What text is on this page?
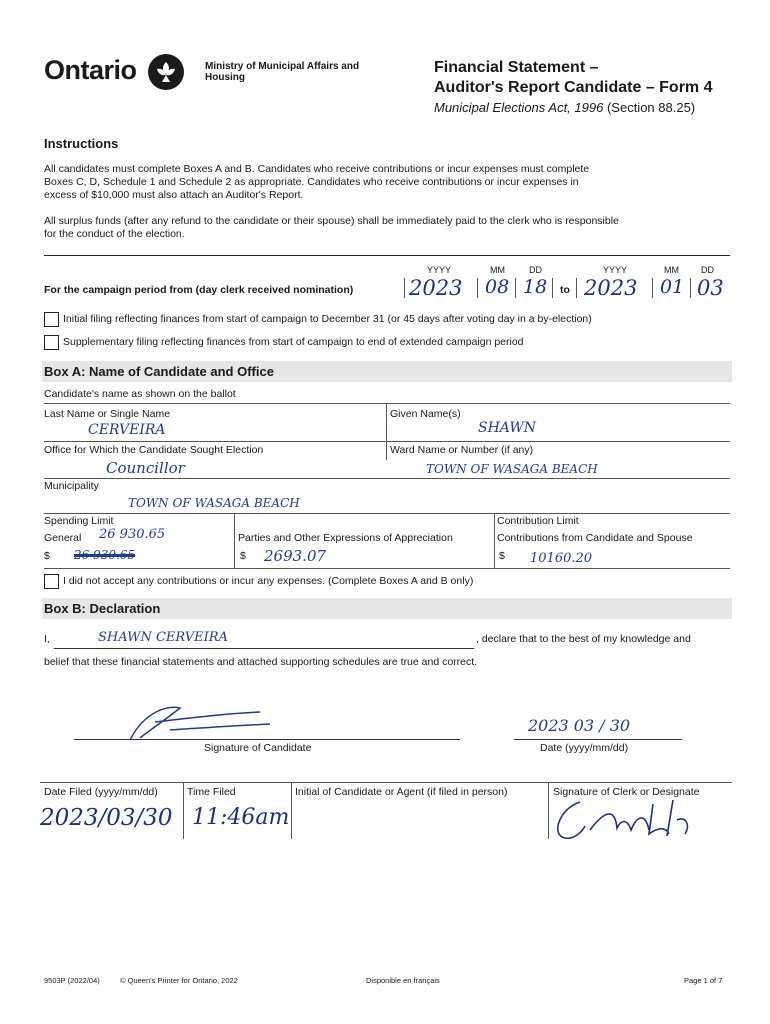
Ontario	Ministry of Municipal Affairs and Housing
Financial Statement –
Auditor's Report Candidate – Form 4
Municipal Elections Act, 1996 (Section 88.25)
Instructions
All candidates must complete Boxes A and B. Candidates who receive contributions or incur expenses must complete
Boxes C, D, Schedule 1 and Schedule 2 as appropriate. Candidates who receive contributions or incur expenses in
excess of $10,000 must also attach an Auditor's Report.
All surplus funds (after any refund to the candidate or their spouse) shall be immediately paid to the clerk who is responsible
for the conduct of the election.
YYYY	MM	DD	YYYY	MM DD
For the campaign period from (day clerk received nomination)	2023 08 18 to 2023 01 03
Initial filing reflecting finances from start of campaign to December 31 (or 45 days after voting day in a by-election)
Supplementary filing reflecting finances from start of campaign to end of extended campaign period
Box A: Name of Candidate and Office
Candidate's name as shown on the ballot
Last Name or Single Name
CERVEIRA
Given Name(s)
SHAWN
Office for Which the Candidate Sought Election
Councillor
Ward Name or Number (if any)
TOWN OF WASAGA BEACH
Municipality
TOWN OF WASAGA BEACH
Spending Limit
General 26 930.65
$ 26 930.65
Parties and Other Expressions of Appreciation
$ 2693.07
Contribution Limit
Contributions from Candidate and Spouse
$ 10160.20
I did not accept any contributions or incur any expenses. (Complete Boxes A and B only)
Box B: Declaration
I,	SHAWN CERVEIRA	, declare that to the best of my knowledge and
belief that these financial statements and attached supporting schedules are true and correct.
Signature of Candidate
2023 03 / 30
Date (yyyy/mm/dd)
Date Filed (yyyy/mm/dd)
2023/03/30
Time Filed
11:46am
Initial of Candidate or Agent (if filed in person)	Signature of Clerk or Designate
9503P (2022/04)	© Queen's Printer for Ontario, 2022	Disponible en français	Page 1 of 7
